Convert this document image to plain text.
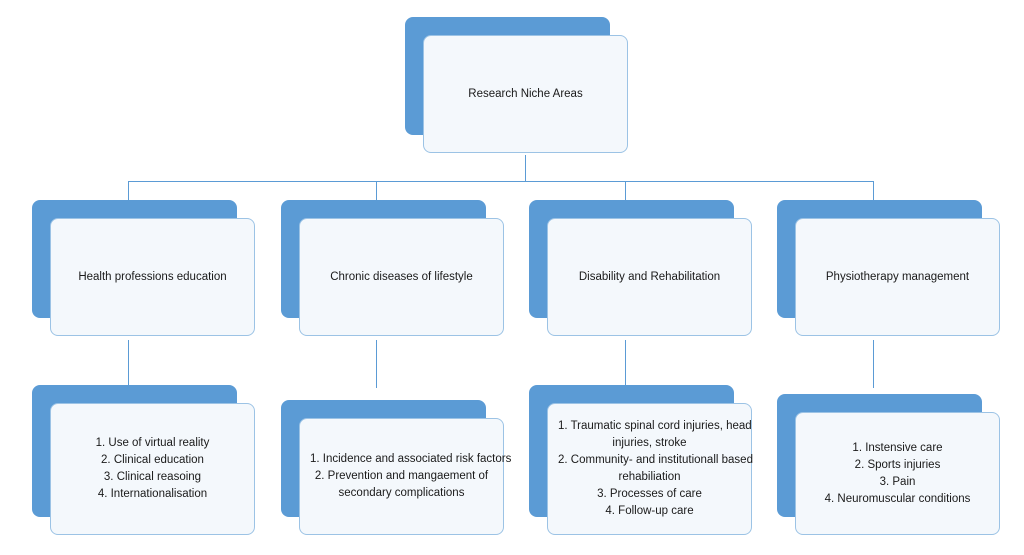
Research Niche Areas
Health professions education	Chronic diseases of lifestyle	Disability and Rehabilitation	Physiotherapy management
1. Use of virtual reality
2. Clinical education
3. Clinical reasoing
4. Internationalisation
1. Incidence and associated risk factors
2. Prevention and mangaement of
secondary complications
1. Traumatic spinal cord injuries, head
injuries, stroke
2. Community- and institutionall based
rehabiliation
3. Processes of care
4. Follow-up care
1. Instensive care
2. Sports injuries
3. Pain
4. Neuromuscular conditions
